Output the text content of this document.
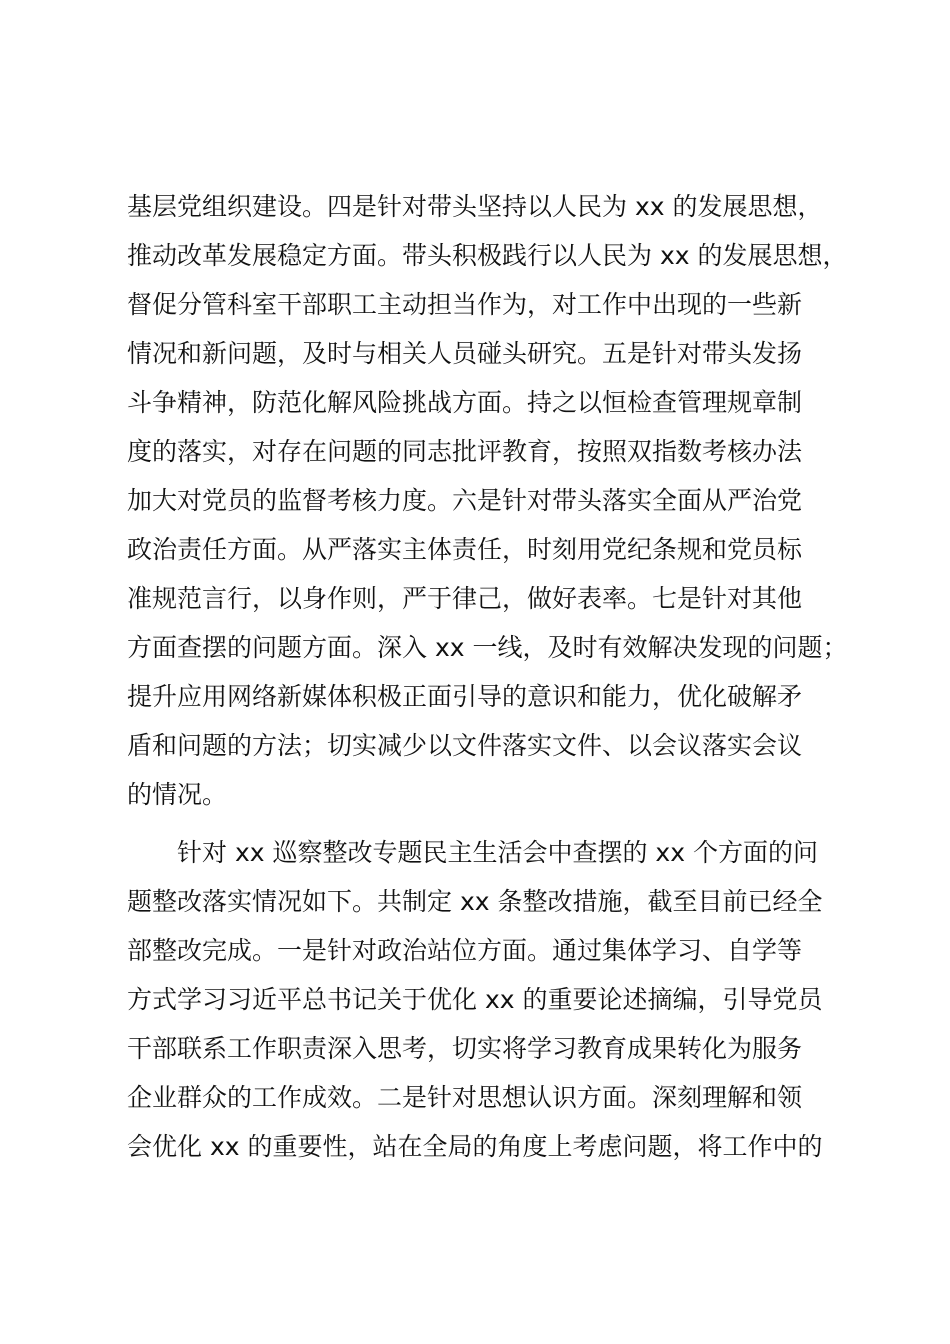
基层党组织建设。四是针对带头坚持以人民为 xx 的发展思想，
推动改革发展稳定方面。带头积极践行以人民为 xx 的发展思想，
督促分管科室干部职工主动担当作为，对工作中出现的一些新
情况和新问题，及时与相关人员碰头研究。五是针对带头发扬
斗争精神，防范化解风险挑战方面。持之以恒检查管理规章制
度的落实，对存在问题的同志批评教育，按照双指数考核办法
加大对党员的监督考核力度。六是针对带头落实全面从严治党
政治责任方面。从严落实主体责任，时刻用党纪条规和党员标
准规范言行，以身作则，严于律己，做好表率。七是针对其他
方面查摆的问题方面。深入 xx 一线，及时有效解决发现的问题；
提升应用网络新媒体积极正面引导的意识和能力，优化破解矛
盾和问题的方法；切实减少以文件落实文件、以会议落实会议
的情况。

针对 xx 巡察整改专题民主生活会中查摆的 xx 个方面的问
题整改落实情况如下。共制定 xx 条整改措施，截至目前已经全
部整改完成。一是针对政治站位方面。通过集体学习、自学等
方式学习习近平总书记关于优化 xx 的重要论述摘编，引导党员
干部联系工作职责深入思考，切实将学习教育成果转化为服务
企业群众的工作成效。二是针对思想认识方面。深刻理解和领
会优化 xx 的重要性，站在全局的角度上考虑问题，将工作中的
